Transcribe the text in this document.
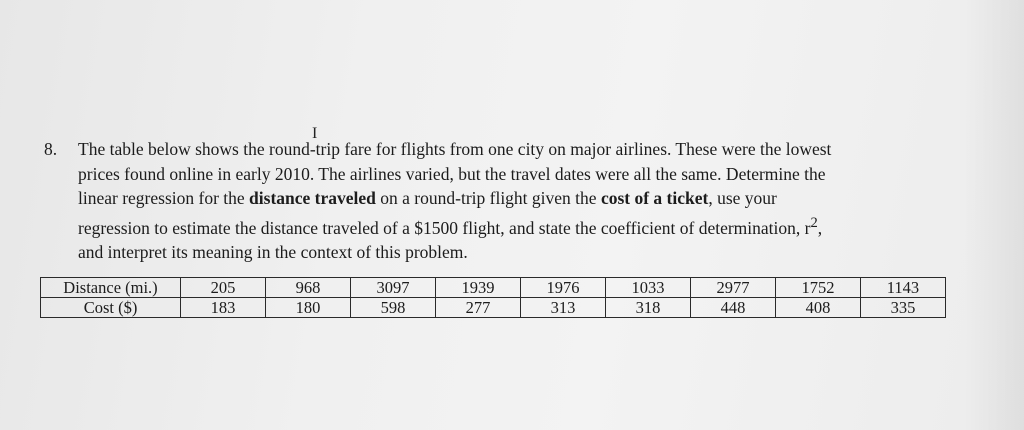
I
8. The table below shows the round-trip fare for flights from one city on major airlines. These were the lowest
prices found online in early 2010. The airlines varied, but the travel dates were all the same. Determine the
linear regression for the distance traveled on a round-trip flight given the cost of a ticket, use your
regression to estimate the distance traveled of a $1500 flight, and state the coefficient of determination, $r^2$,
and interpret its meaning in the context of this problem.
Distance (mi.)	205	968	3097	1939	1976	1033	2977	1752	1143
Cost ($)	183	180	598	277	313	318	448	408	335
